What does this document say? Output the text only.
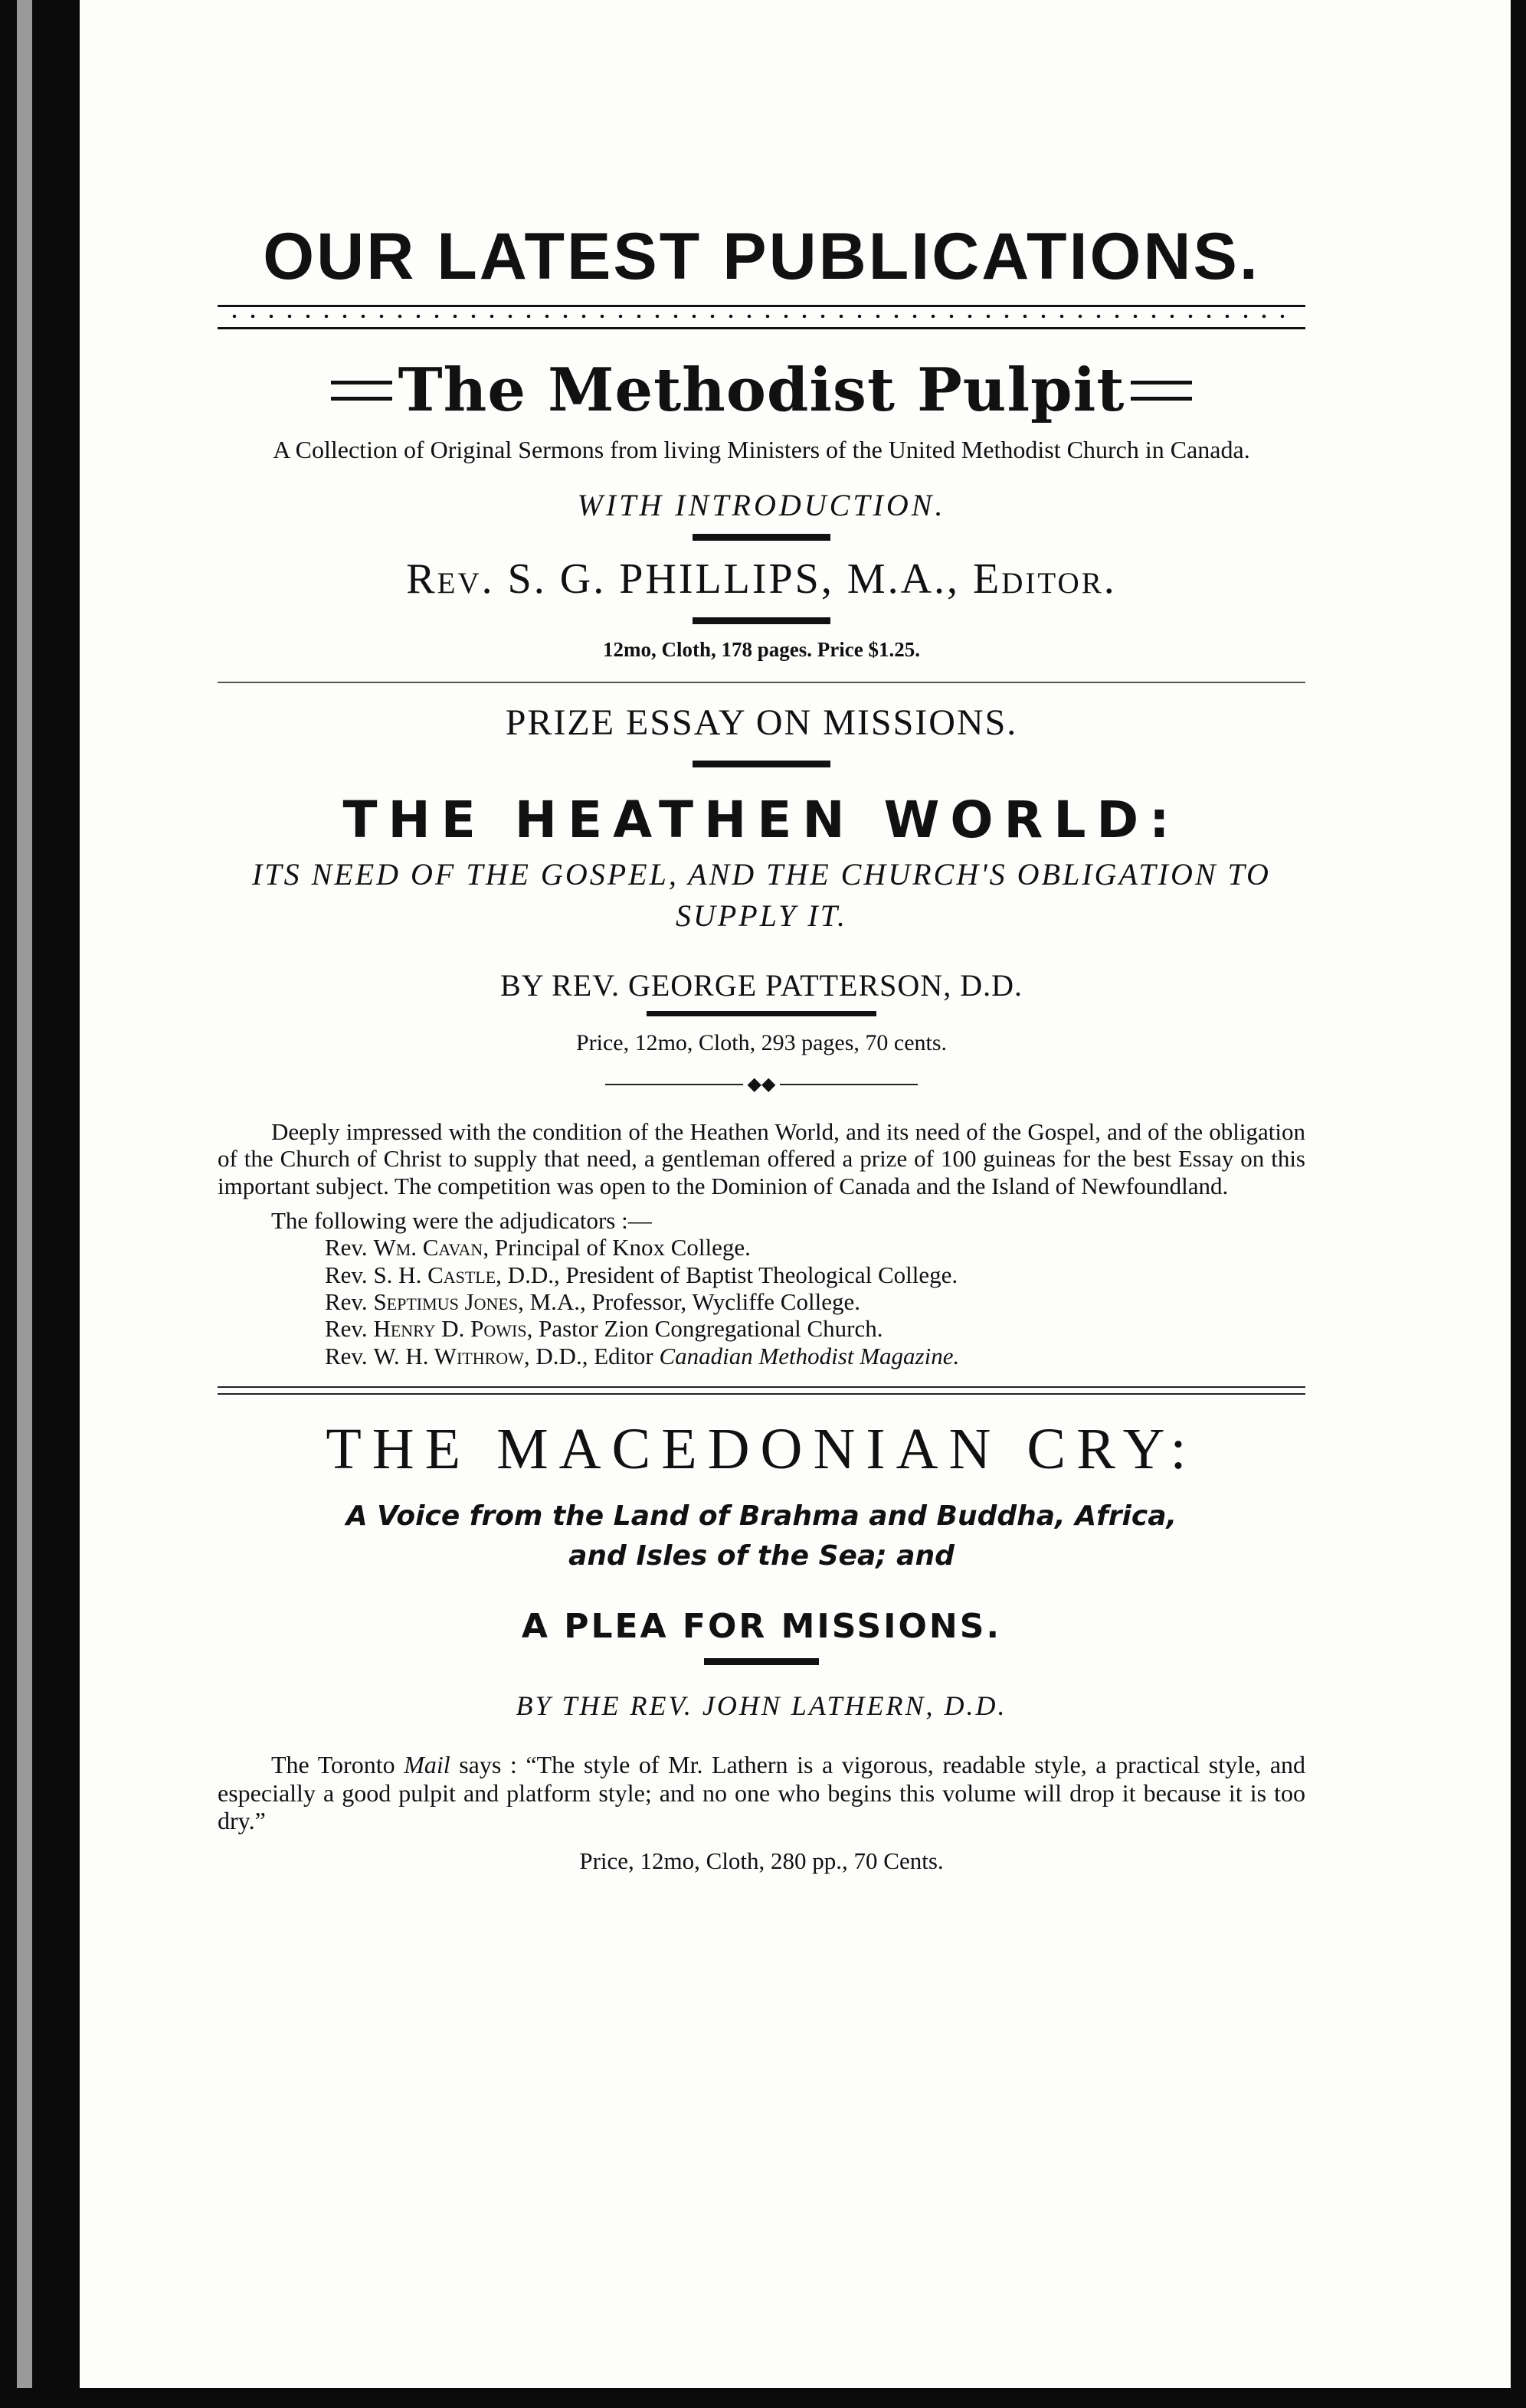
OUR LATEST PUBLICATIONS.
The Methodist Pulpit

A Collection of Original Sermons from living Ministers of the United Methodist Church in Canada.

WITH INTRODUCTION.

Rev. S. G. PHILLIPS, M.A., Editor.

12mo, Cloth, 178 pages. Price $1.25.

PRIZE ESSAY ON MISSIONS.

THE HEATHEN WORLD:

ITS NEED OF THE GOSPEL, AND THE CHURCH'S OBLIGATION TO SUPPLY IT.

BY REV. GEORGE PATTERSON, D.D.

Price, 12mo, Cloth, 293 pages, 70 cents.

◆◆

Deeply impressed with the condition of the Heathen World, and its need of the Gospel, and of the obligation of the Church of Christ to supply that need, a gentleman offered a prize of 100 guineas for the best Essay on this important subject. The competition was open to the Dominion of Canada and the Island of Newfoundland.

The following were the adjudicators :—
Rev. Wm. Cavan, Principal of Knox College.
Rev. S. H. Castle, D.D., President of Baptist Theological College.
Rev. Septimus Jones, M.A., Professor, Wycliffe College.
Rev. Henry D. Powis, Pastor Zion Congregational Church.
Rev. W. H. Withrow, D.D., Editor Canadian Methodist Magazine.

THE MACEDONIAN CRY:

A Voice from the Land of Brahma and Buddha, Africa,

and Isles of the Sea; and

A PLEA FOR MISSIONS.

BY THE REV. JOHN LATHERN, D.D.

The Toronto Mail says : “The style of Mr. Lathern is a vigorous, readable style, a practical style, and especially a good pulpit and platform style; and no one who begins this volume will drop it because it is too dry.”

Price, 12mo, Cloth, 280 pp., 70 Cents.
